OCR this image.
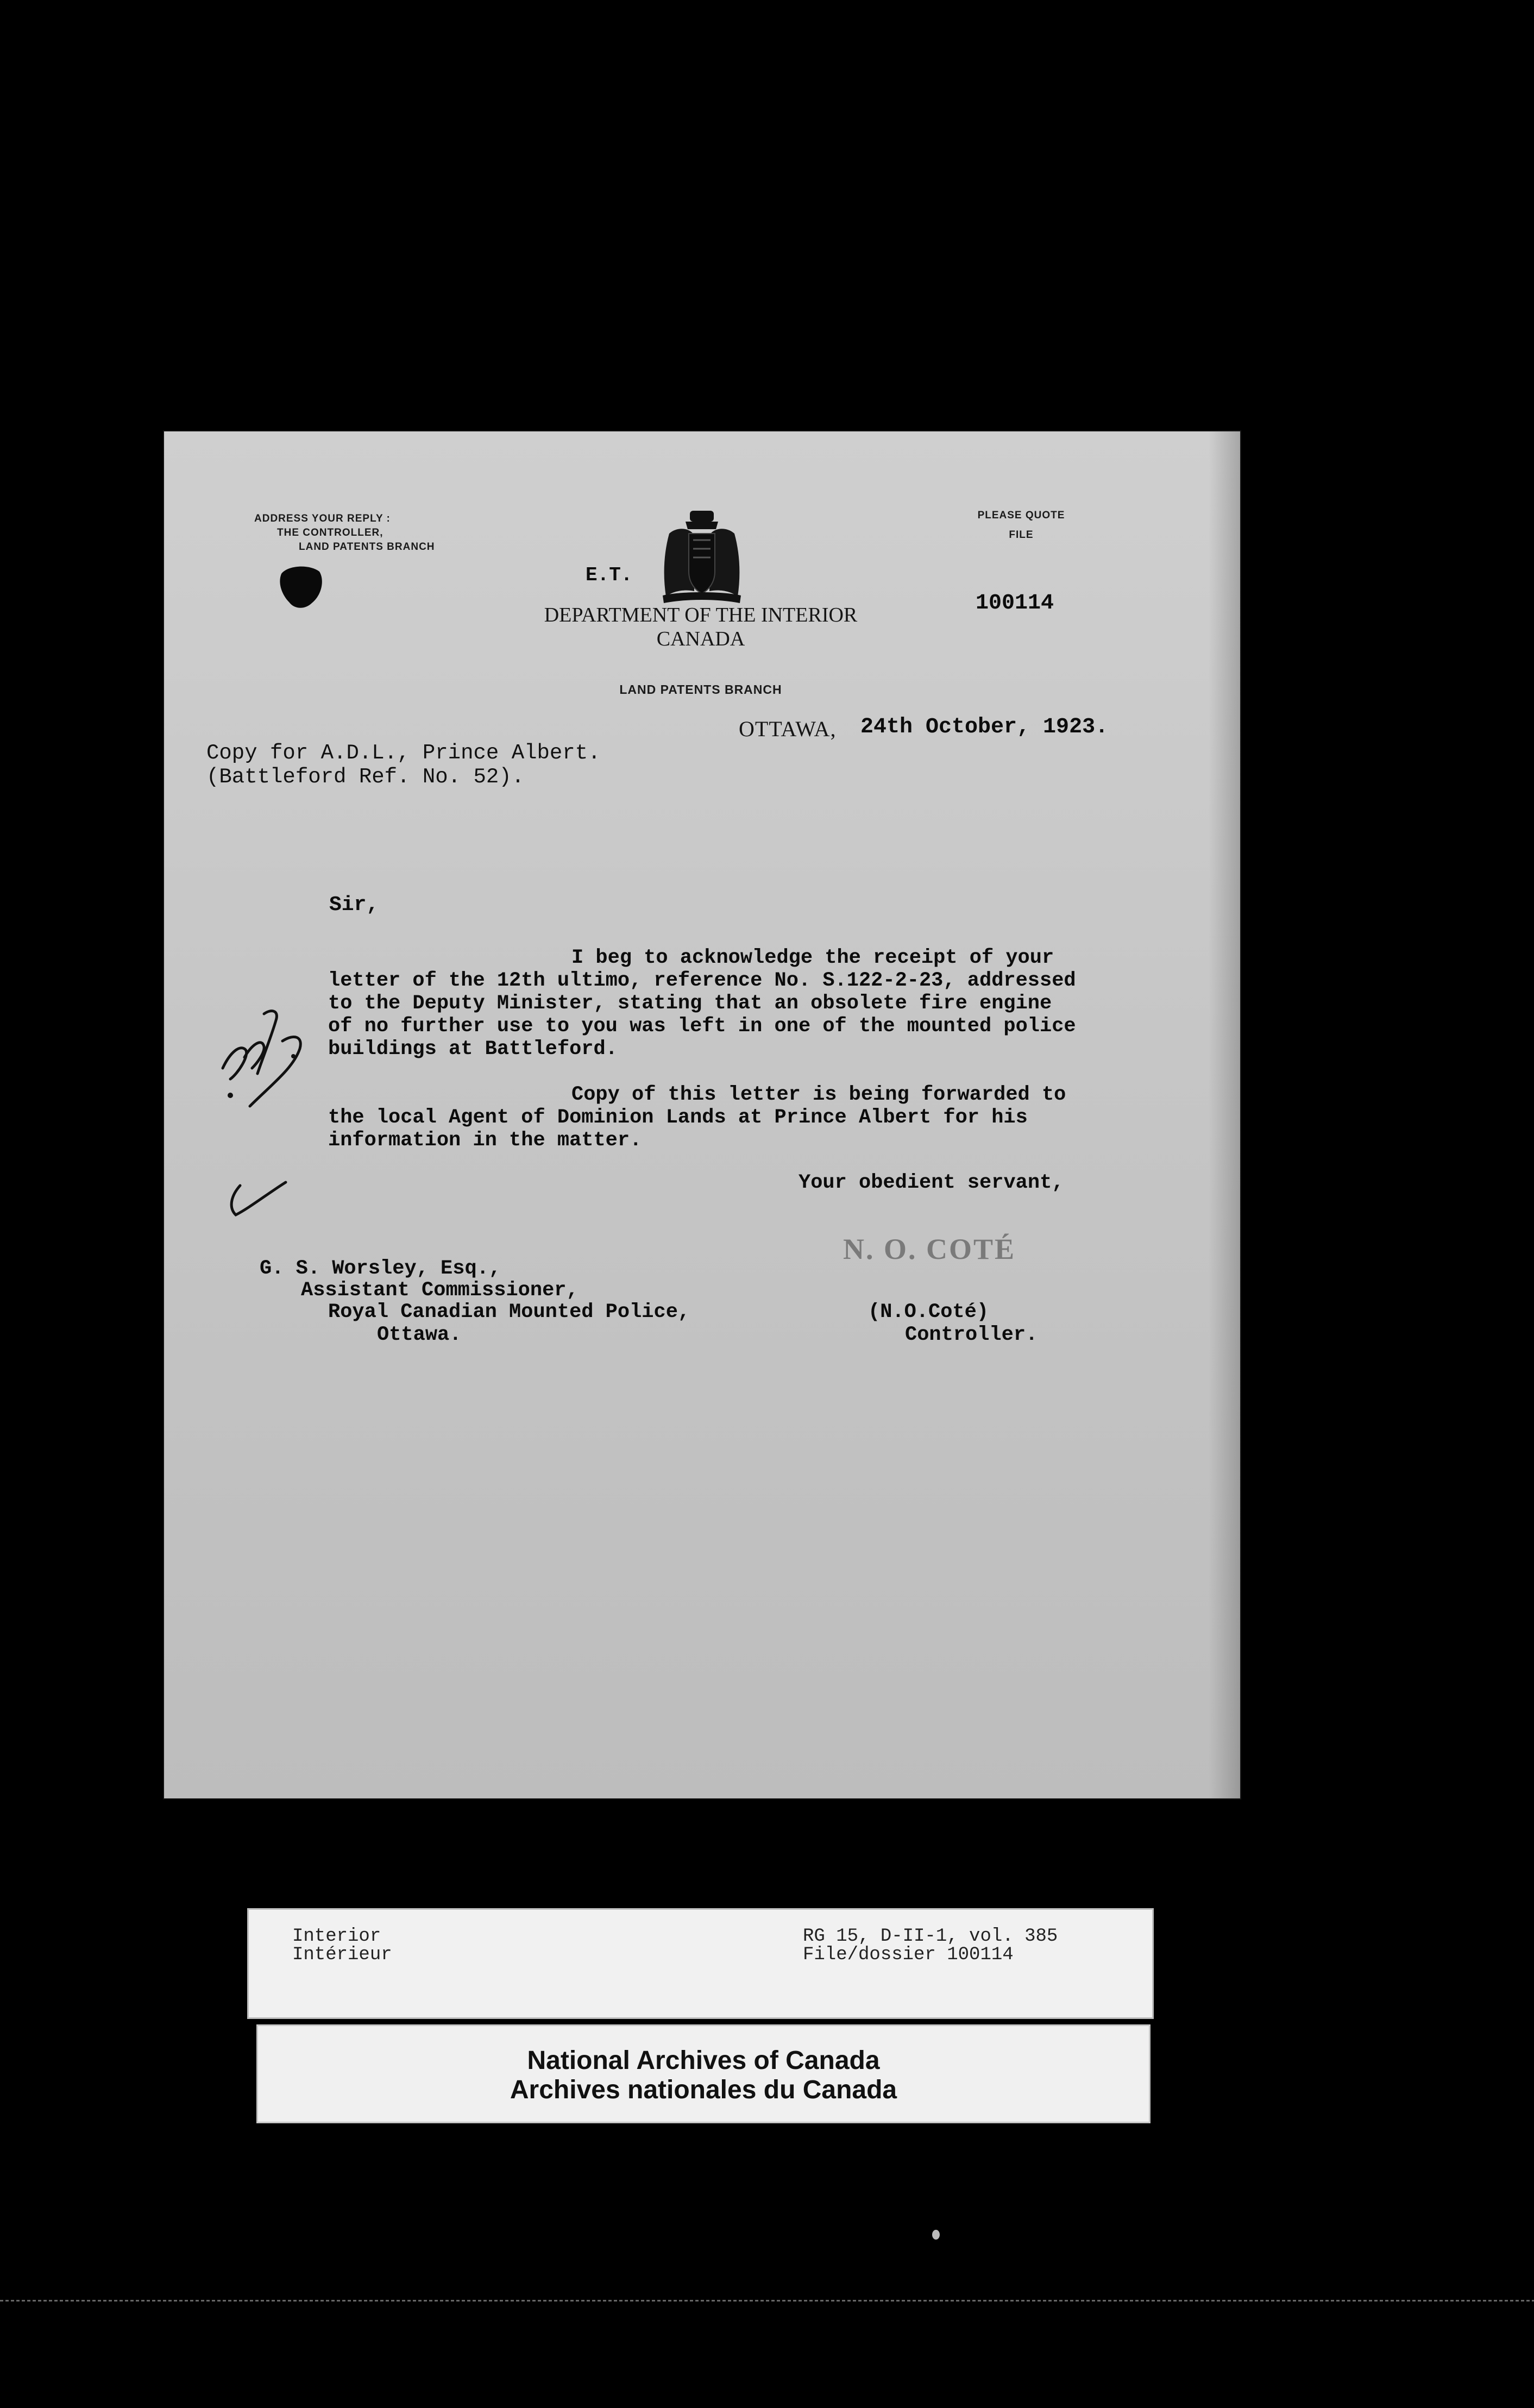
ADDRESS YOUR REPLY :
THE CONTROLLER,
LAND PATENTS BRANCH
E.T.
DEPARTMENT OF THE INTERIOR
CANADA
LAND PATENTS BRANCH
PLEASE QUOTE
FILE
100114
OTTAWA, 24th October, 1923.
Copy for A.D.L., Prince Albert.
(Battleford Ref. No. 52).
Sir,
I beg to acknowledge the receipt of your
letter of the 12th ultimo, reference No. S.122-2-23, addressed
to the Deputy Minister, stating that an obsolete fire engine
of no further use to you was left in one of the mounted police
buildings at Battleford.
Copy of this letter is being forwarded to
the local Agent of Dominion Lands at Prince Albert for his
information in the matter.
Your obedient servant,
N. O. COTÉ
G. S. Worsley, Esq.,
Assistant Commissioner,
Royal Canadian Mounted Police,
Ottawa.
(N.O.Coté)
Controller.
Interior
Intérieur
RG 15, D-II-1, vol. 385
File/dossier 100114
National Archives of Canada
Archives nationales du Canada
